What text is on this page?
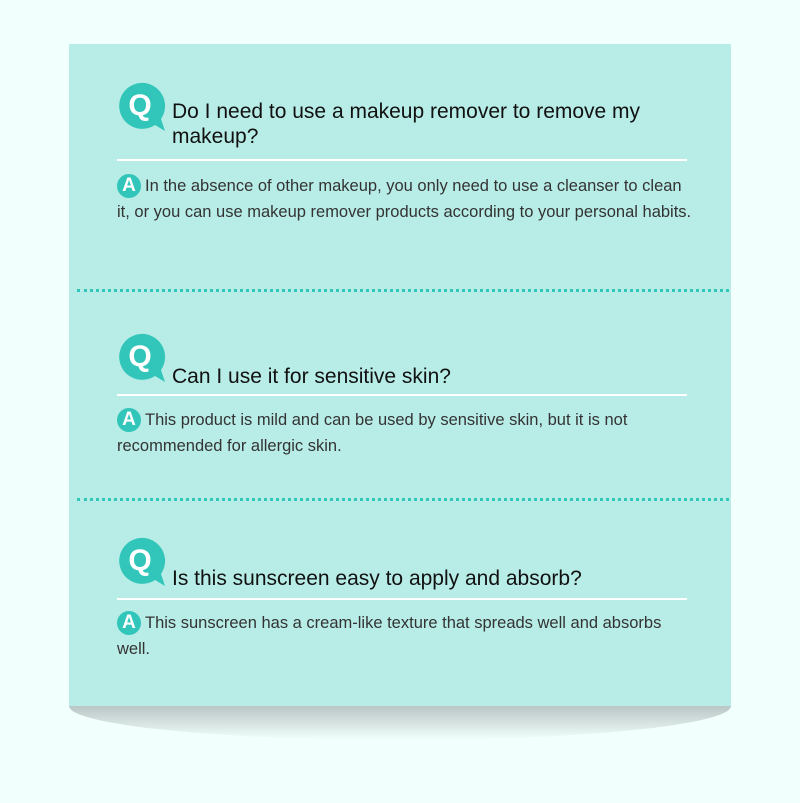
Q Do I need to use a makeup remover to remove my makeup?
A In the absence of other makeup, you only need to use a cleanser to clean it, or you can use makeup remover products according to your personal habits.
Q
Can I use it for sensitive skin?
A This product is mild and can be used by sensitive skin, but it is not recommended for allergic skin.
Q
Is this sunscreen easy to apply and absorb?
A This sunscreen has a cream-like texture that spreads well and absorbs well.
